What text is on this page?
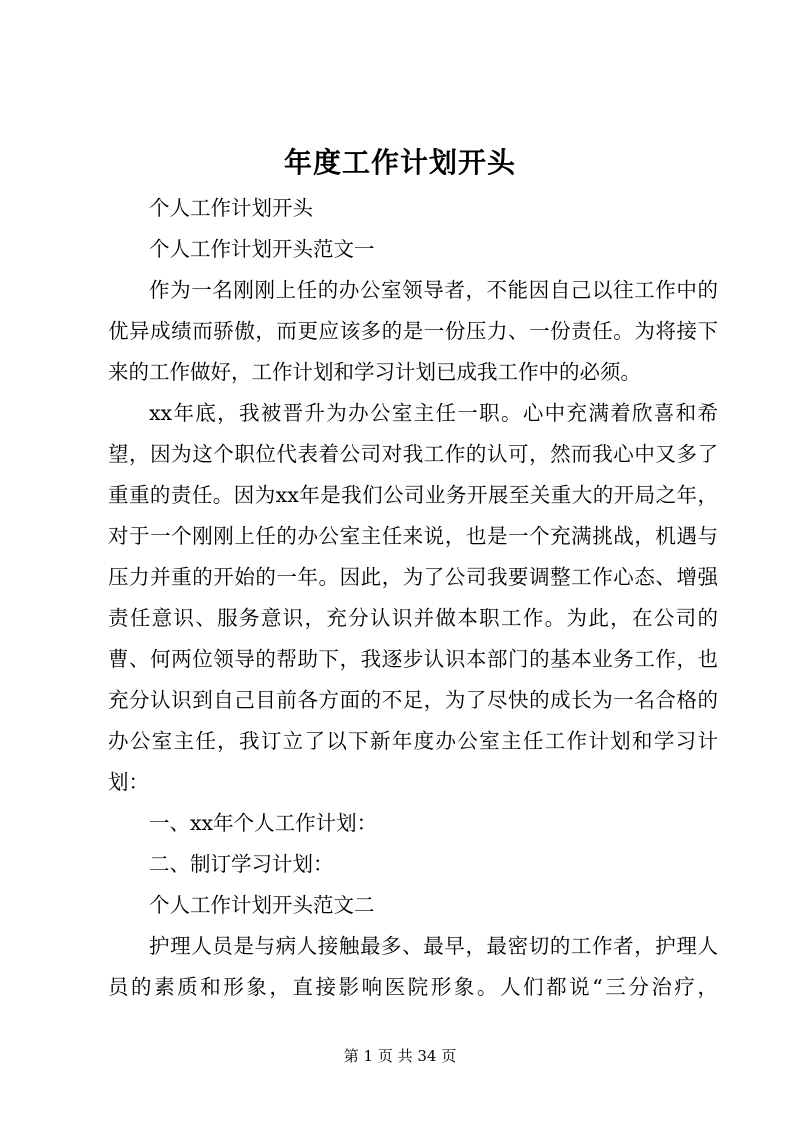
年度工作计划开头

个人工作计划开头

个人工作计划开头范文一

作为一名刚刚上任的办公室领导者，不能因自己以往工作中的优异成绩而骄傲，而更应该多的是一份压力、一份责任。为将接下来的工作做好，工作计划和学习计划已成我工作中的必须。

xx年底，我被晋升为办公室主任一职。心中充满着欣喜和希望，因为这个职位代表着公司对我工作的认可，然而我心中又多了重重的责任。因为xx年是我们公司业务开展至关重大的开局之年，对于一个刚刚上任的办公室主任来说，也是一个充满挑战，机遇与压力并重的开始的一年。因此，为了公司我要调整工作心态、增强责任意识、服务意识，充分认识并做本职工作。为此，在公司的曹、何两位领导的帮助下，我逐步认识本部门的基本业务工作，也充分认识到自己目前各方面的不足，为了尽快的成长为一名合格的办公室主任，我订立了以下新年度办公室主任工作计划和学习计划：

一、xx年个人工作计划：

二、制订学习计划：

个人工作计划开头范文二

护理人员是与病人接触最多、最早，最密切的工作者，护理人员的素质和形象，直接影响医院形象。人们都说“三分治疗，

第 1 页 共 34 页
